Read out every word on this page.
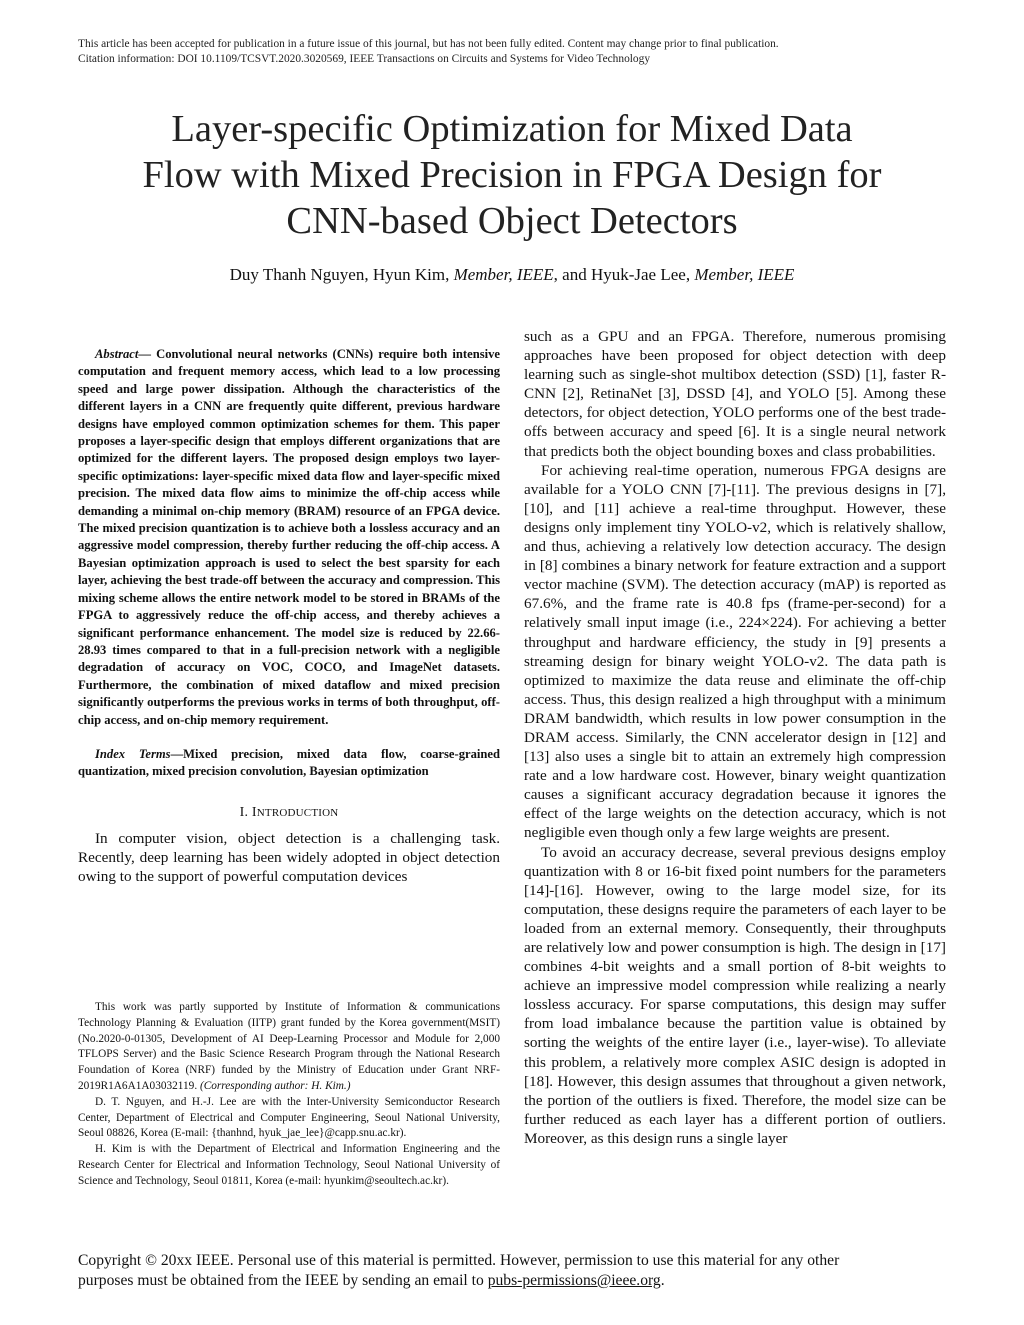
This article has been accepted for publication in a future issue of this journal, but has not been fully edited. Content may change prior to final publication.
Citation information: DOI 10.1109/TCSVT.2020.3020569, IEEE Transactions on Circuits and Systems for Video Technology
Layer-specific Optimization for Mixed Data
Flow with Mixed Precision in FPGA Design for
CNN-based Object Detectors
Duy Thanh Nguyen, Hyun Kim, Member, IEEE, and Hyuk-Jae Lee, Member, IEEE

Abstract— Convolutional neural networks (CNNs) require both intensive computation and frequent memory access, which lead to a low processing speed and large power dissipation. Although the characteristics of the different layers in a CNN are frequently quite different, previous hardware designs have employed common optimization schemes for them. This paper proposes a layer-specific design that employs different organizations that are optimized for the different layers. The proposed design employs two layer-specific optimizations: layer-specific mixed data flow and layer-specific mixed precision. The mixed data flow aims to minimize the off-chip access while demanding a minimal on-chip memory (BRAM) resource of an FPGA device. The mixed precision quantization is to achieve both a lossless accuracy and an aggressive model compression, thereby further reducing the off-chip access. A Bayesian optimization approach is used to select the best sparsity for each layer, achieving the best trade-off between the accuracy and compression. This mixing scheme allows the entire network model to be stored in BRAMs of the FPGA to aggressively reduce the off-chip access, and thereby achieves a significant performance enhancement. The model size is reduced by 22.66-28.93 times compared to that in a full-precision network with a negligible degradation of accuracy on VOC, COCO, and ImageNet datasets. Furthermore, the combination of mixed dataflow and mixed precision significantly outperforms the previous works in terms of both throughput, off-chip access, and on-chip memory requirement.

Index Terms—Mixed precision, mixed data flow, coarse-grained quantization, mixed precision convolution, Bayesian optimization

I. INTRODUCTION

In computer vision, object detection is a challenging task. Recently, deep learning has been widely adopted in object detection owing to the support of powerful computation devices

This work was partly supported by Institute of Information & communications Technology Planning & Evaluation (IITP) grant funded by the Korea government(MSIT) (No.2020-0-01305, Development of AI Deep-Learning Processor and Module for 2,000 TFLOPS Server) and the Basic Science Research Program through the National Research Foundation of Korea (NRF) funded by the Ministry of Education under Grant NRF-2019R1A6A1A03032119. (Corresponding author: H. Kim.)

D. T. Nguyen, and H.-J. Lee are with the Inter-University Semiconductor Research Center, Department of Electrical and Computer Engineering, Seoul National University, Seoul 08826, Korea (E-mail: {thanhnd, hyuk_jae_lee}@capp.snu.ac.kr).

H. Kim is with the Department of Electrical and Information Engineering and the Research Center for Electrical and Information Technology, Seoul National University of Science and Technology, Seoul 01811, Korea (e-mail: hyunkim@seoultech.ac.kr).

such as a GPU and an FPGA. Therefore, numerous promising approaches have been proposed for object detection with deep learning such as single-shot multibox detection (SSD) [1], faster R-CNN [2], RetinaNet [3], DSSD [4], and YOLO [5]. Among these detectors, for object detection, YOLO performs one of the best trade-offs between accuracy and speed [6]. It is a single neural network that predicts both the object bounding boxes and class probabilities.

For achieving real-time operation, numerous FPGA designs are available for a YOLO CNN [7]-[11]. The previous designs in [7], [10], and [11] achieve a real-time throughput. However, these designs only implement tiny YOLO-v2, which is relatively shallow, and thus, achieving a relatively low detection accuracy. The design in [8] combines a binary network for feature extraction and a support vector machine (SVM). The detection accuracy (mAP) is reported as 67.6%, and the frame rate is 40.8 fps (frame-per-second) for a relatively small input image (i.e., 224×224). For achieving a better throughput and hardware efficiency, the study in [9] presents a streaming design for binary weight YOLO-v2. The data path is optimized to maximize the data reuse and eliminate the off-chip access. Thus, this design realized a high throughput with a minimum DRAM bandwidth, which results in low power consumption in the DRAM access. Similarly, the CNN accelerator design in [12] and [13] also uses a single bit to attain an extremely high compression rate and a low hardware cost. However, binary weight quantization causes a significant accuracy degradation because it ignores the effect of the large weights on the detection accuracy, which is not negligible even though only a few large weights are present.

To avoid an accuracy decrease, several previous designs employ quantization with 8 or 16-bit fixed point numbers for the parameters [14]-[16]. However, owing to the large model size, for its computation, these designs require the parameters of each layer to be loaded from an external memory. Consequently, their throughputs are relatively low and power consumption is high. The design in [17] combines 4-bit weights and a small portion of 8-bit weights to achieve an impressive model compression while realizing a nearly lossless accuracy. For sparse computations, this design may suffer from load imbalance because the partition value is obtained by sorting the weights of the entire layer (i.e., layer-wise). To alleviate this problem, a relatively more complex ASIC design is adopted in [18]. However, this design assumes that throughout a given network, the portion of the outliers is fixed. Therefore, the model size can be further reduced as each layer has a different portion of outliers. Moreover, as this design runs a single layer

Copyright © 20xx IEEE. Personal use of this material is permitted. However, permission to use this material for any other
purposes must be obtained from the IEEE by sending an email to pubs-permissions@ieee.org.
